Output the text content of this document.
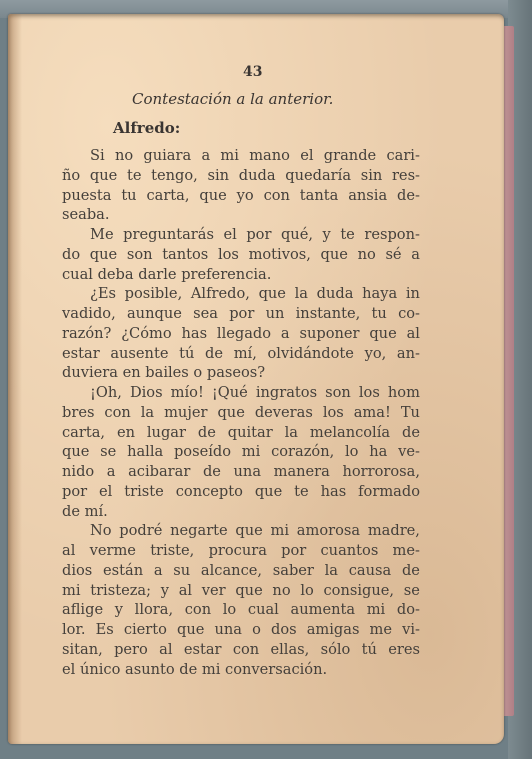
43
Contestación a la anterior.
Alfredo:
Si no guiara a mi mano el grande cari-
ño que te tengo, sin duda quedaría sin res-
puesta tu carta, que yo con tanta ansia de-
seaba.
Me preguntarás el por qué, y te respon-
do que son tantos los motivos, que no sé a
cual deba darle preferencia.
¿Es posible, Alfredo, que la duda haya in
vadido, aunque sea por un instante, tu co-
razón? ¿Cómo has llegado a suponer que al
estar ausente tú de mí, olvidándote yo, an-
duviera en bailes o paseos?
¡Oh, Dios mío! ¡Qué ingratos son los hom
bres con la mujer que deveras los ama! Tu
carta, en lugar de quitar la melancolía de
que se halla poseído mi corazón, lo ha ve-
nido a acibarar de una manera horrorosa,
por el triste concepto que te has formado
de mí.
No podré negarte que mi amorosa madre,
al verme triste, procura por cuantos me-
dios están a su alcance, saber la causa de
mi tristeza; y al ver que no lo consigue, se
aflige y llora, con lo cual aumenta mi do-
lor. Es cierto que una o dos amigas me vi-
sitan, pero al estar con ellas, sólo tú eres
el único asunto de mi conversación.
